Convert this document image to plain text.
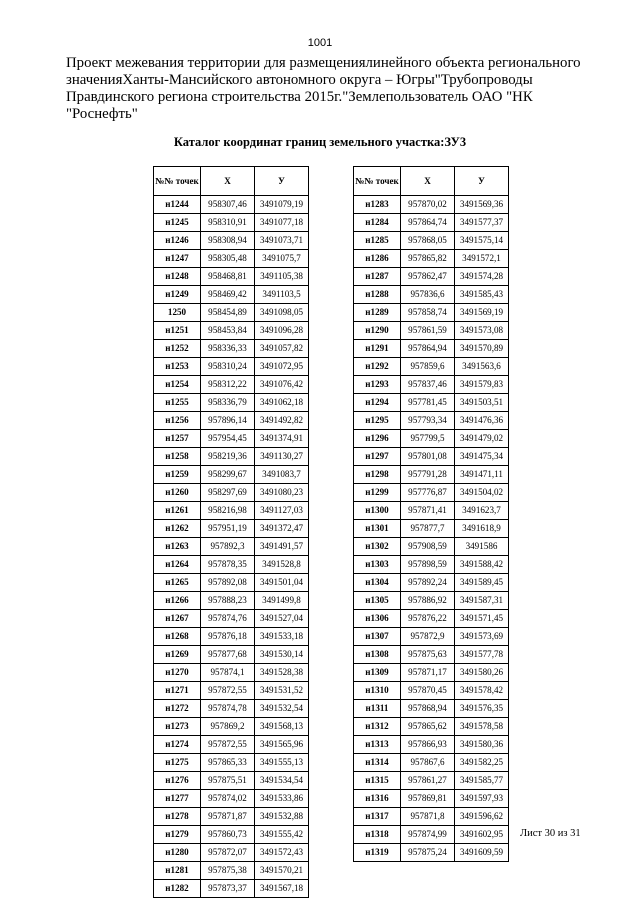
1001
Проект межевания территории для размещениялинейного объекта регионального значенияХанты-Мансийского автономного округа – Югры"Трубопроводы Правдинского региона строительства 2015г."Землепользователь ОАО "НК "Роснефть"
Каталог координат границ земельного участка:ЗУ3
№№ точек	X	У
н1244	958307,46	3491079,19
н1245	958310,91	3491077,18
н1246	958308,94	3491073,71
н1247	958305,48	3491075,7
н1248	958468,81	3491105,38
н1249	958469,42	3491103,5
1250	958454,89	3491098,05
н1251	958453,84	3491096,28
н1252	958336,33	3491057,82
н1253	958310,24	3491072,95
н1254	958312,22	3491076,42
н1255	958336,79	3491062,18
н1256	957896,14	3491492,82
н1257	957954,45	3491374,91
н1258	958219,36	3491130,27
н1259	958299,67	3491083,7
н1260	958297,69	3491080,23
н1261	958216,98	3491127,03
н1262	957951,19	3491372,47
н1263	957892,3	3491491,57
н1264	957878,35	3491528,8
н1265	957892,08	3491501,04
н1266	957888,23	3491499,8
н1267	957874,76	3491527,04
н1268	957876,18	3491533,18
н1269	957877,68	3491530,14
н1270	957874,1	3491528,38
н1271	957872,55	3491531,52
н1272	957874,78	3491532,54
н1273	957869,2	3491568,13
н1274	957872,55	3491565,96
н1275	957865,33	3491555,13
н1276	957875,51	3491534,54
н1277	957874,02	3491533,86
н1278	957871,87	3491532,88
н1279	957860,73	3491555,42
н1280	957872,07	3491572,43
н1281	957875,38	3491570,21
н1282	957873,37	3491567,18
№№ точек	X	У
н1283	957870,02	3491569,36
н1284	957864,74	3491577,37
н1285	957868,05	3491575,14
н1286	957865,82	3491572,1
н1287	957862,47	3491574,28
н1288	957836,6	3491585,43
н1289	957858,74	3491569,19
н1290	957861,59	3491573,08
н1291	957864,94	3491570,89
н1292	957859,6	3491563,6
н1293	957837,46	3491579,83
н1294	957781,45	3491503,51
н1295	957793,34	3491476,36
н1296	957799,5	3491479,02
н1297	957801,08	3491475,34
н1298	957791,28	3491471,11
н1299	957776,87	3491504,02
н1300	957871,41	3491623,7
н1301	957877,7	3491618,9
н1302	957908,59	3491586
н1303	957898,59	3491588,42
н1304	957892,24	3491589,45
н1305	957886,92	3491587,31
н1306	957876,22	3491571,45
н1307	957872,9	3491573,69
н1308	957875,63	3491577,78
н1309	957871,17	3491580,26
н1310	957870,45	3491578,42
н1311	957868,94	3491576,35
н1312	957865,62	3491578,58
н1313	957866,93	3491580,36
н1314	957867,6	3491582,25
н1315	957861,27	3491585,77
н1316	957869,81	3491597,93
н1317	957871,8	3491596,62
н1318	957874,99	3491602,95
н1319	957875,24	3491609,59
Лист 30 из 31
